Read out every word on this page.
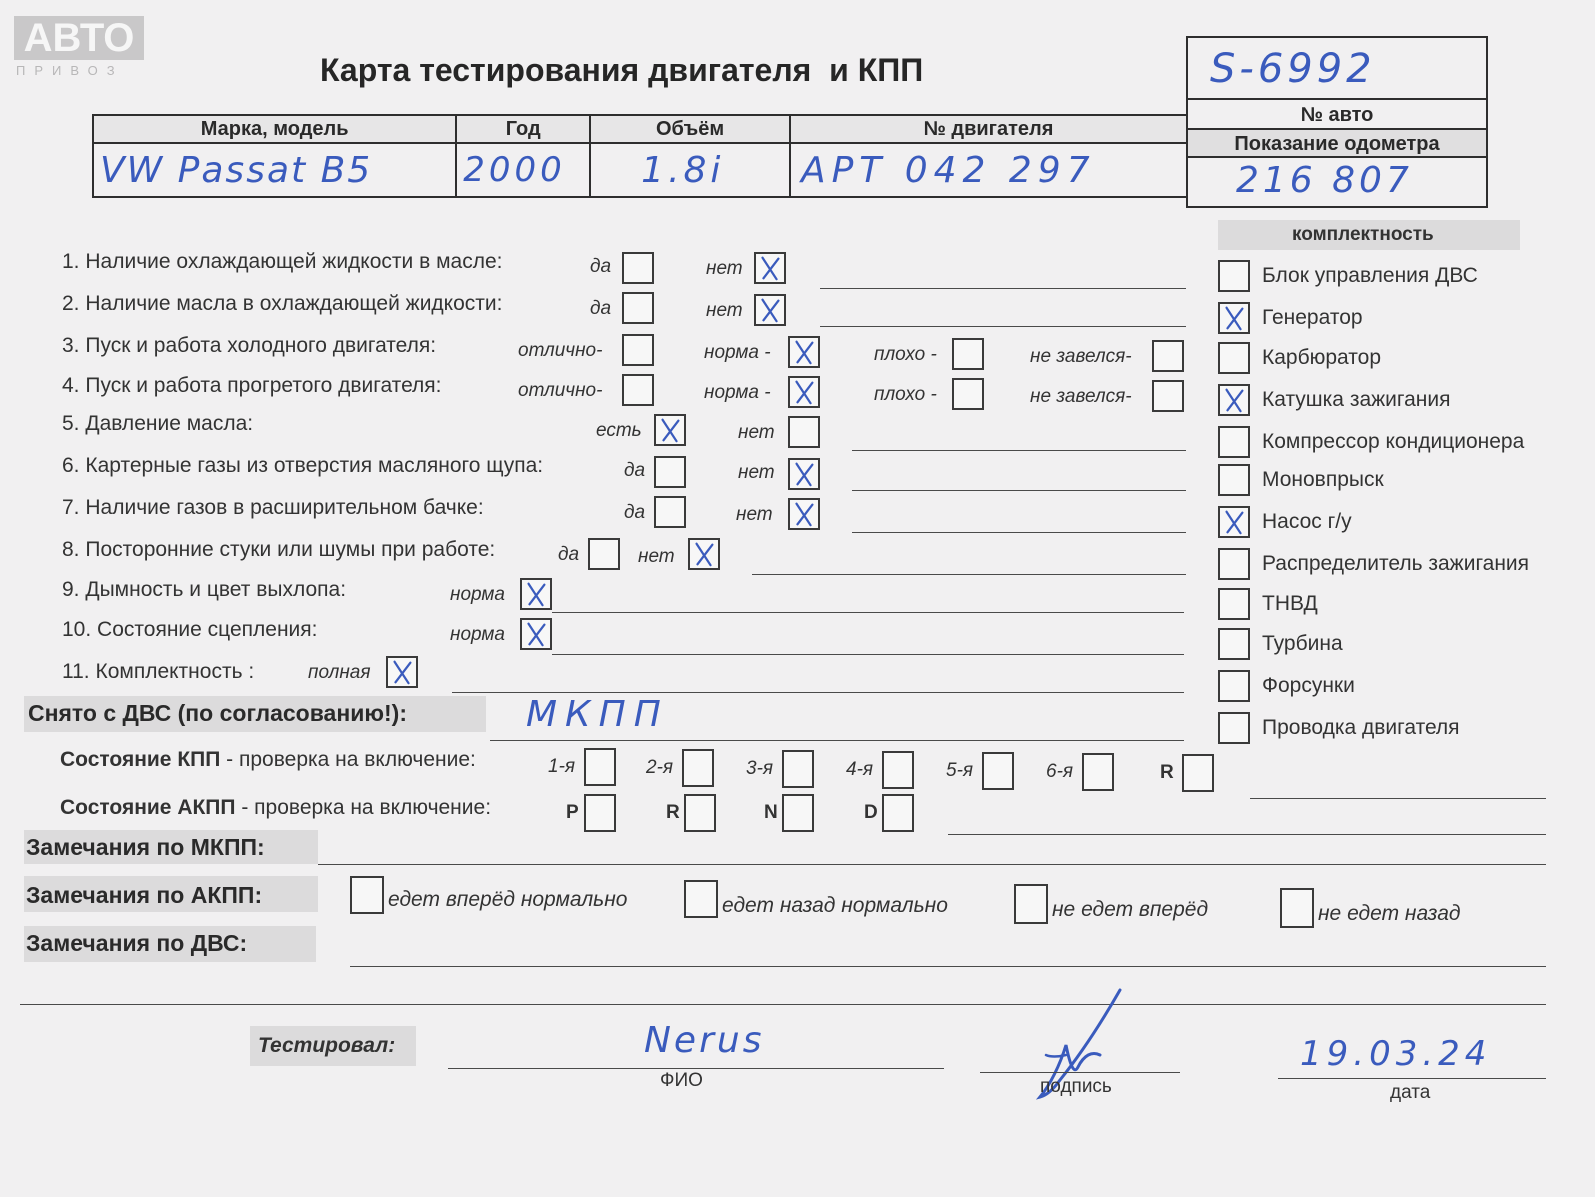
АВТО
ПРИВОЗ	Карта тестирования двигателя  и КПП	S-6992
№ авто
Показание одометра
216 807
Марка, модель	Год	Объём	№ двигателя

VW Passat B5	2000	1.8i	APT 042 297
1. Наличие охлаждающей жидкости в масле:	да	нет
2. Наличие масла в охлаждающей жидкости:	да	нет
3. Пуск и работа холодного двигателя:	отлично-	норма -	плохо -	не завелся-
4. Пуск и работа прогретого двигателя:	отлично-	норма -	плохо -	не завелся-
5. Давление масла:	есть	нет
6. Картерные газы из отверстия масляного щупа:	да	нет
7. Наличие газов в расширительном бачке:	да	нет
8. Посторонние стуки или шумы при работе:	да	нет
9. Дымность и цвет выхлопа:	норма
10. Состояние сцепления:	норма
11. Комплектность :	полная
комплектность
Блок управления ДВС
Генератор
Карбюратор
Катушка зажигания
Компрессор кондиционера
Моновпрыск
Насос г/у
Распределитель зажигания
ТНВД
Турбина
Форсунки
Проводка двигателя
Снято с ДВС (по согласованию!):	МКПП
Состояние КПП - проверка на включение:	1-я	2-я	3-я	4-я	5-я	6-я	R
Состояние АКПП - проверка на включение:	P	R	N	D
Замечания по МКПП:
Замечания по АКПП:	едет вперёд нормально	едет назад нормально	не едет вперёд	не едет назад
Замечания по ДВС:
Тестировал:	Nerus
ФИО	подпись
19.03.24
дата
